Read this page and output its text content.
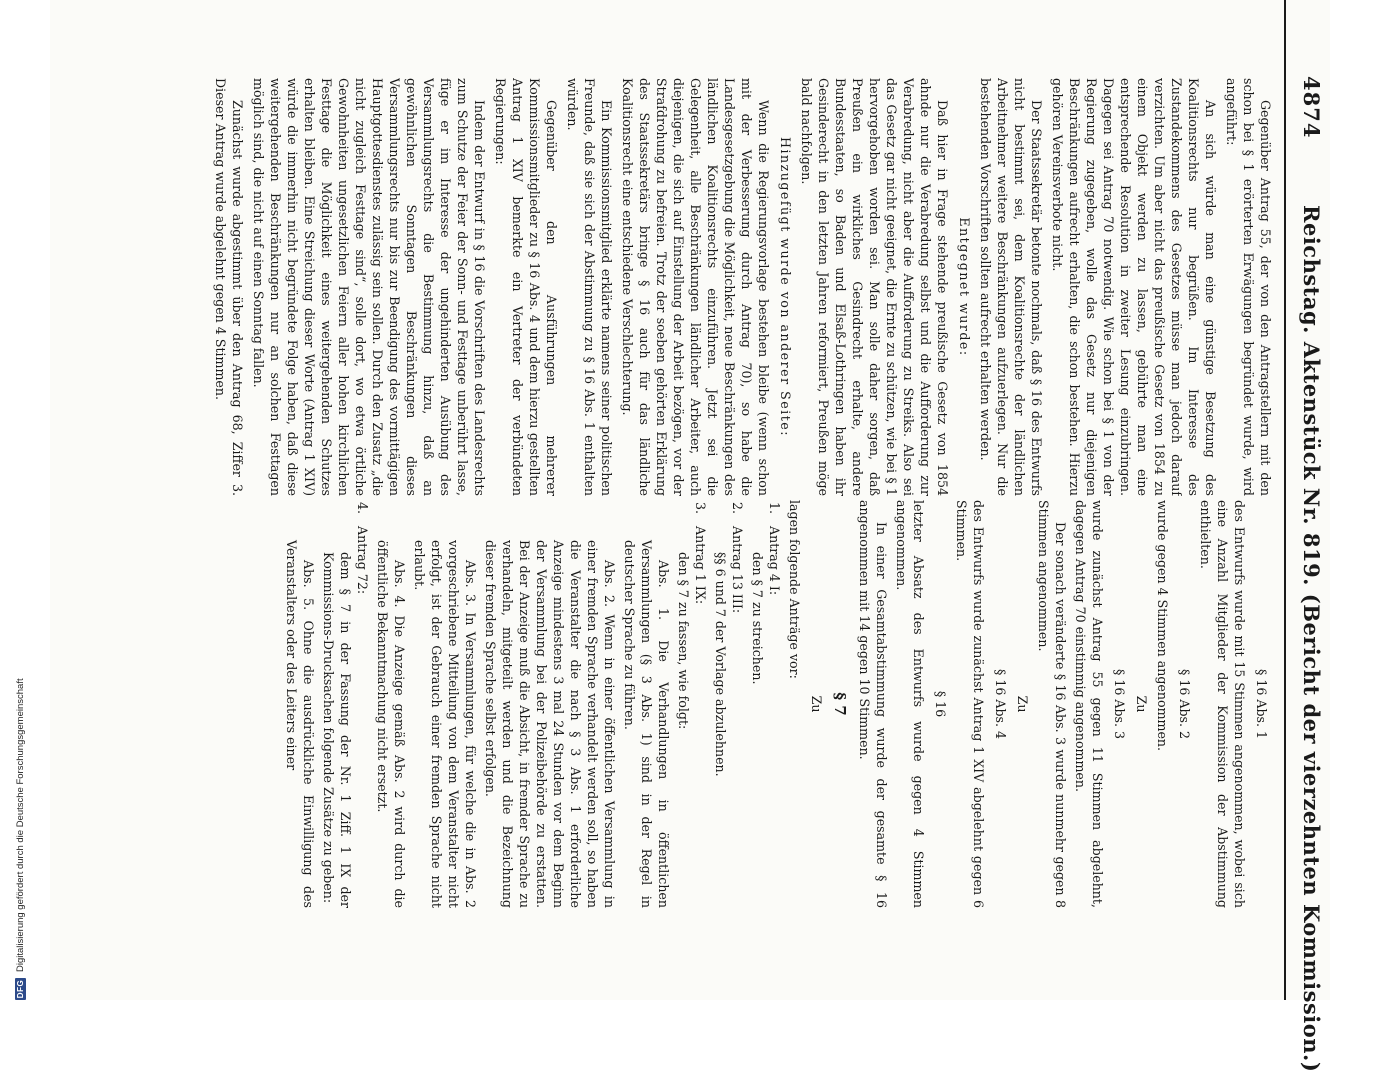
DFG
Digitalisierung gefördert durch die Deutsche Forschungsgemeinschaft
4874
Reichstag. Aktenstück Nr. 819. (Bericht der vierzehnten Kommission.)

Gegenüber Antrag 55, der von den Antragstellern mit den schon bei § 1 erörterten Erwägungen begründet wurde, wird angeführt:

An sich würde man eine günstige Besetzung des Koalitionsrechts nur begrüßen. Im Interesse des Zustandekommens des Gesetzes müsse man jedoch darauf verzichten. Um aber nicht das preußische Gesetz von 1854 zu einem Objekt werden zu lassen, gebührte man eine entsprechende Resolution in zweiter Lesung einzubringen. Dagegen sei Antrag 70 notwendig. Wie schon bei § 1 von der Regierung zugegeben, wolle das Gesetz nur diejenigen Beschränkungen aufrecht erhalten, die schon bestehen. Hierzu gehören Vereinsverbote nicht.

Der Staatssekretär betonte nochmals, daß § 16 des Entwurfs nicht bestimmt sei, dem Koalitionsrechte der ländlichen Arbeitnehmer weitere Beschränkungen aufzuerlegen. Nur die bestehenden Vorschriften sollten aufrecht erhalten werden.

Entgegnet wurde:

Daß hier in Frage stehende preußische Gesetz von 1854 ahnde nur die Verabredung selbst und die Aufforderung zur Verabredung, nicht aber die Aufforderung zu Streiks. Also sei das Gesetz gar nicht geeignet, die Ernte zu schützen, wie bei § 1 hervorgehoben worden sei. Man solle daher sorgen, daß Preußen ein wirkliches Gesindrecht erhalte, andere Bundesstaaten, so Baden und Elsaß-Lothringen haben ihr Gesinderecht in den letzten Jahren reformiert, Preußen möge bald nachfolgen.

Hinzugefügt wurde von anderer Seite:

Wenn die Regierungsvorlage bestehen bleibe (wenn schon mit der Verbesserung durch Antrag 70), so habe die Landesgesetzgebung die Möglichkeit, neue Beschränkungen des ländlichen Koalitionsrechts einzuführen. Jetzt sei die Gelegenheit, alle Beschränkungen ländlicher Arbeiter, auch diejenigen, die sich auf Einstellung der Arbeit bezögen, vor der Strafdrohung zu befreien. Trotz der soeben gehörten Erklärung des Staatssekretärs bringe § 16 auch für das ländliche Koalitionsrecht eine entschiedene Verschlechterung.

Ein Kommissionsmitglied erklärte namens seiner politischen Freunde, daß sie sich der Abstimmung zu § 16 Abs. 1 enthalten würden.

Gegenüber den Ausführungen mehrerer Kommissionsmitglieder zu § 16 Abs. 4 und dem hierzu gestellten Antrag 1 XIV bemerkte ein Vertreter der verbündeten Regierungen:

Indem der Entwurf in § 16 die Vorschriften des Landesrechts zum Schutze der Feier der Sonn- und Festtage unberührt lasse, füge er im Interesse der ungehinderten Ausübung des Versammlungsrechts die Bestimmung hinzu, daß an gewöhnlichen Sonntagen Beschränkungen dieses Versammlungsrechts nur bis zur Beendigung des vormittägigen Hauptgottesdienstes zulässig sein sollen. Durch den Zusatz „die nicht zugleich Festtage sind“, solle dort, wo etwa örtliche Gewohnheiten ungesetzlichen Feiern aller hohen kirchlichen Festtage die Möglichkeit eines weitergehenden Schutzes erhalten bleiben. Eine Streichung dieser Worte (Antrag 1 XIV) würde die immerhin nicht begründete Folge haben, daß diese weitergehenden Beschränkungen nur an solchen Festtagen möglich sind, die nicht auf einen Sonntag fallen.

Zunächst wurde abgestimmt über den Antrag 68, Ziffer 3. Dieser Antrag wurde abgelehnt gegen 4 Stimmen.

§ 16 Abs. 1

des Entwurfs wurde mit 15 Stimmen angenommen, wobei sich eine Anzahl Mitglieder der Kommission der Abstimmung enthielten.

§ 16 Abs. 2

wurde gegen 4 Stimmen angenommen.

Zu

§ 16 Abs. 3

wurde zunächst Antrag 55 gegen 11 Stimmen abgelehnt, dagegen Antrag 70 einstimmig angenommen.

Der sonach veränderte § 16 Abs. 3 wurde nunmehr gegen 8 Stimmen angenommen.

Zu

§ 16 Abs. 4

des Entwurfs wurde zunächst Antrag 1 XIV abgelehnt gegen 6 Stimmen.

§ 16

letzter Absatz des Entwurfs wurde gegen 4 Stimmen angenommen.

In einer Gesamtabstimmung wurde der gesamte § 16 angenommen mit 14 gegen 10 Stimmen.

§ 7

Zu

lagen folgende Anträge vor:

1.
Antrag 4 I:
den § 7 zu streichen.
2.
Antrag 13 III:
§§ 6 und 7 der Vorlage abzulehnen.
3.
Antrag 1 IX:
den § 7 zu fassen, wie folgt:

Abs. 1. Die Verhandlungen in öffentlichen Versammlungen (§ 3 Abs. 1) sind in der Regel in deutscher Sprache zu führen.

Abs. 2. Wenn in einer öffentlichen Versammlung in einer fremden Sprache verhandelt werden soll, so haben die Veranstalter die nach § 3 Abs. 1 erforderliche Anzeige mindestens 3 mal 24 Stunden vor dem Beginn der Versammlung bei der Polizeibehörde zu erstatten. Bei der Anzeige muß die Absicht, in fremder Sprache zu verhandeln, mitgeteilt werden und die Bezeichnung dieser fremden Sprache selbst erfolgen.

Abs. 3. In Versammlungen, für welche die in Abs. 2 vorgeschriebene Mitteilung von dem Veranstalter nicht erfolgt, ist der Gebrauch einer fremden Sprache nicht erlaubt.

Abs. 4. Die Anzeige gemäß Abs. 2 wird durch die öffentliche Bekanntmachung nicht ersetzt.

4.
Antrag 72:
dem § 7 in der Fassung der Nr. 1 Ziff. 1 IX der Kommissions-Drucksachen folgende Zusätze zu geben:

Abs. 5. Ohne die ausdrückliche Einwilligung des Veranstalters oder des Leiters einer
